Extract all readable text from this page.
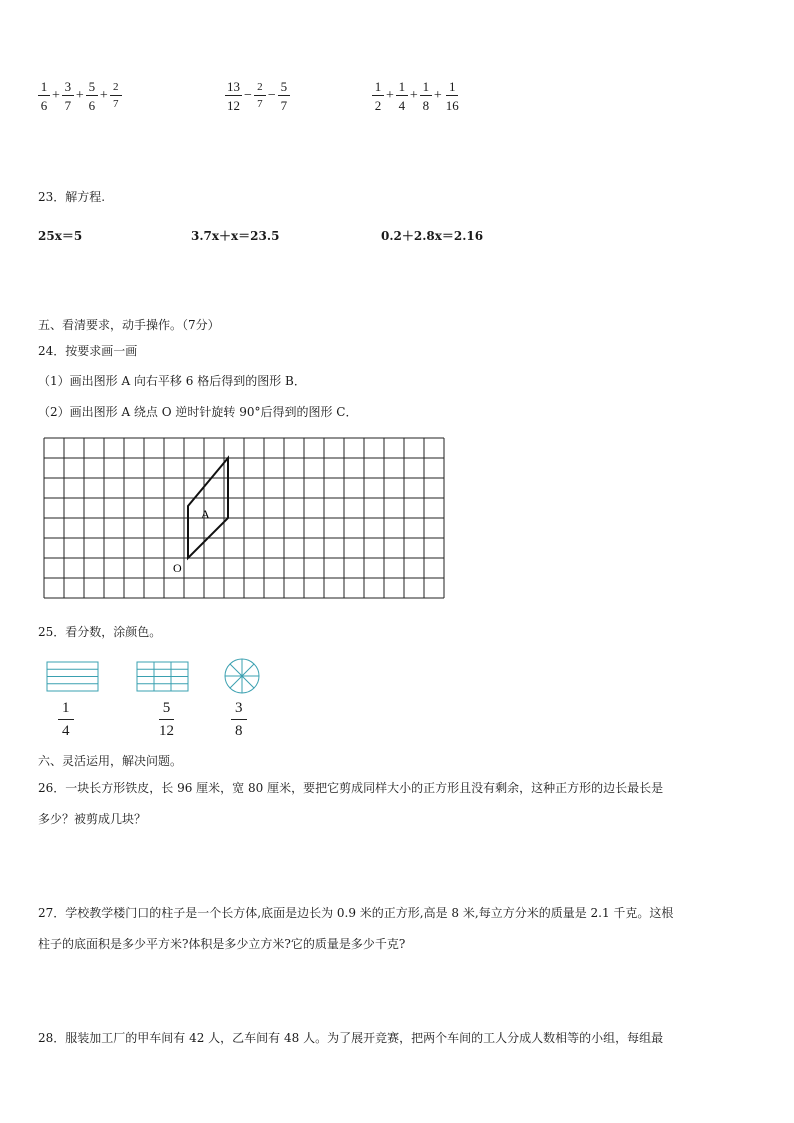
$\frac{1}{6} + \frac{3}{7} + \frac{5}{6} + \frac{2}{7}$	$\frac{13}{12} - \frac{2}{7} - \frac{5}{7}$	$\frac{1}{2} + \frac{1}{4} + \frac{1}{8} + \frac{1}{16}$
23．解方程.
25x＝5	3.7x＋x＝23.5	0.2＋2.8x＝2.16
五、看清要求，动手操作。（7分）
24．按要求画一画
（1）画出图形 A 向右平移 6 格后得到的图形 B．
（2）画出图形 A 绕点 O 逆时针旋转 90°后得到的图形 C．
A
O
25．看分数，涂颜色。
$\frac{1}{4}$	$\frac{5}{12}$	$\frac{3}{8}$
六、灵活运用，解决问题。
26．一块长方形铁皮，长 96 厘米，宽 80 厘米，要把它剪成同样大小的正方形且没有剩余，这种正方形的边长最长是
多少？被剪成几块？
27．学校教学楼门口的柱子是一个长方体,底面是边长为 0.9 米的正方形,高是 8 米,每立方分米的质量是 2.1 千克。这根
柱子的底面积是多少平方米?体积是多少立方米?它的质量是多少千克?
28．服装加工厂的甲车间有 42 人，乙车间有 48 人。为了展开竞赛，把两个车间的工人分成人数相等的小组，每组最
